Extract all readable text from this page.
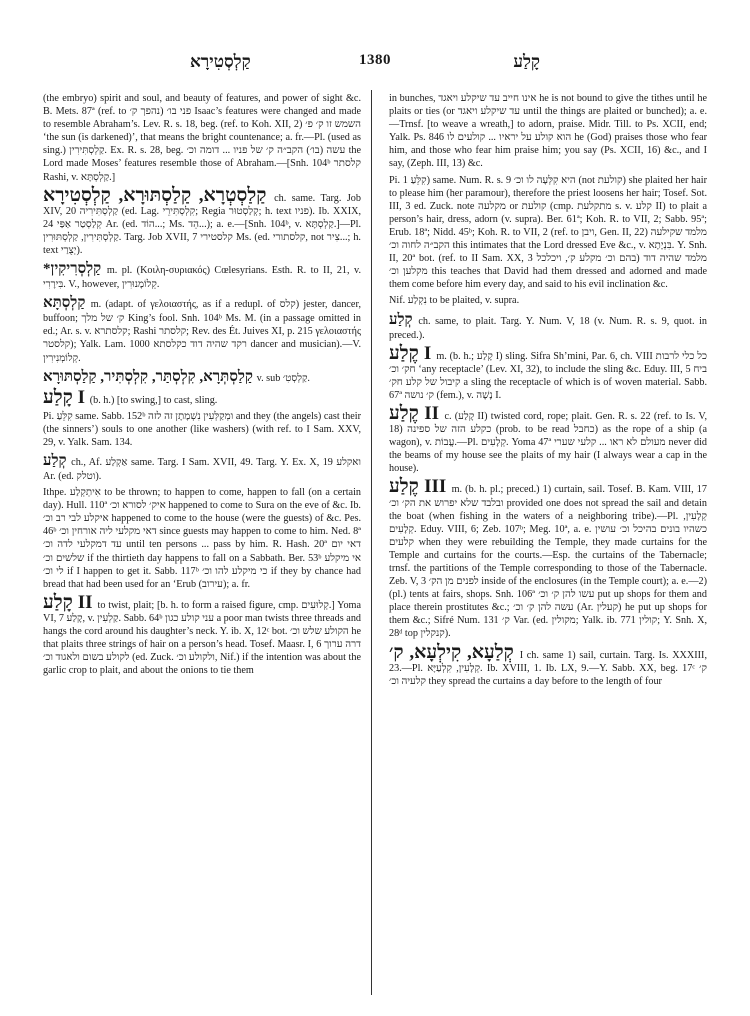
קַלְסְטִירָא	1380	קָלַע

(the embryo) spirit and soul, and beauty of features, and power of sight &c. B. Mets. 87ª (ref. to פני בו׳ (נהפך ק׳ Isaac’s features were changed and made to resemble Abraham’s. Lev. R. s. 18, beg. (ref. to Koh. XII, 2) השמש זו ק׳ פ׳ ‘the sun (is darkened)’, that means the bright countenance; a. fr.—Pl. (used as sing.) קַלְסְתִּירִין. Ex. R. s. 28, beg. עשה (בו׳) הקב״ה ק׳ של פניו ... דומה וכ׳ the Lord made Moses’ features resemble those of Abraham.—[Snh. 104ᵇ קלסתר Rashi, v. קַלְסְתָּא.]

קַלַסְטְרָא, קַלַסְתּוּרָא, קַלְסְטִירָא ch. same. Targ. Job XIV, 20 קַלְסְתִּירִיה (ed. Lag. קִלְסְתִּירֵי; Regia קְלַסְטוּר; h. text פניו). Ib. XXIX, 24 קְלַסְטַר אַפַּי Ar. (ed. הוֹד...; Ms. הֵד...); a. e.—[Snh. 104ᵇ, v. קַלְסְתָּא.]—Pl. קַלְסְתִּירִין, קַלְסְתּוּרִין. Targ. Job XVII, 7 קלסטירי Ms. (ed. קלסתורי, not צִיר...; h. text יְצֻרַי).

*קַלְסְרִיקִין m. pl. (Κοιλη-συριακός) Cœlesyrians. Esth. R. to II, 21, v. בִּירָרִי. V., however, קֵלוֹמָנוּרִין.

קַלְסְתָּא m. (adapt. of γελοιαστής, as if a redupl. of קלס) jester, dancer, buffoon; ק׳ של מלך King’s fool. Snh. 104ᵇ Ms. M. (in a passage omitted in ed.; Ar. s. v. קלסתרא; Rashi קלסתר; Rev. des Ét. Juives XI, p. 215 γελοιαστής קלסטר); Yalk. Lam. 1000 רקד שהיה דוד כקלסתא dancer and musician).—V. קְלוֹמְנִירִין.

קַלַסְתְּרָא, קִלְסְתַּר, קִלְסְתִּיר, קַלַסְתּוּרָא v. sub קַלְסְטִ׳.

קָלַע I (b. h.) [to swing,] to cast, sling.

Pi. קִלֵּעַ same. Sabb. 152ᵇ ומְקַלְּעִין נִשְׁמָתָן זה לזה and they (the angels) cast their (the sinners’) souls to one another (like washers) (with ref. to I Sam. XXV, 29, v. Yalk. Sam. 134.

קְלַע ch., Af. אַקְלַע same. Targ. I Sam. XVII, 49. Targ. Y. Ex. X, 19 ואקלע Ar. (ed. וטלק).

Ithpe. אִיתְקְלַע to be thrown; to happen to come, happen to fall (on a certain day). Hull. 110ª איק׳ לסורא וכ׳ happened to come to Sura on the eve of &c. Ib. איקלע לבי רב וכ׳ happened to come to the house (were the guests) of &c. Pes. 46ᵇ דאי מקלעי ליה אורחין וכ׳ since guests may happen to come to him. Ned. 8ª עד דמקלעי לדה וכ׳ until ten persons ... pass by him. R. Hash. 20ª דאי יום שלשים וכ׳ if the thirtieth day happens to fall on a Sabbath. Ber. 53ᵇ אי מיקלע לי וכ׳ if I happen to get it. Sabb. 117ᵇ כי מיקלע להו וכ׳ if they by chance had bread that had been used for an ‘Erub (עירוב); a. fr.

קָלַע II to twist, plait; [b. h. to form a raised figure, cmp. קְלוּעִים.] Yoma VI, 7 קָלַע, v. קַלְעִין. Sabb. 64ᵇ עני קולע כגון a poor man twists three threads and hangs the cord around his daughter’s neck. Y. ib. X, 12ᶜ bot. הקולע שלש וכ׳ he that plaits three strings of hair on a person’s head. Tosef. Maasr. I, 6 דרה ערוך לקולע בשום ולאגוד וכ׳ (ed. Zuck. ולקולע וכ׳, Nif.) if the intention was about the garlic crop to plait, and about the onions to tie them

in bunches, אינו חייב עד שיקלע ויאגד he is not bound to give the tithes until he plaits or ties (or עד שיקלע ויאגד until the things are plaited or bunched); a. e.—Trnsf. [to weave a wreath,] to adorn, praise. Midr. Till. to Ps. XCII, end; Yalk. Ps. 846 הוא קולע על יראיו ... קולעים לו he (God) praises those who fear him, and those who fear him praise him; you say (Ps. XCII, 16) &c., and I say, (Zeph. III, 13) &c.

Pi. קִלֵּעַ 1) same. Num. R. s. 9 היא קִלְּעָה לו וכ׳ (not קולעת) she plaited her hair to please him (her paramour), therefore the priest loosens her hair; Tosef. Sot. III, 3 ed. Zuck. note מקלעה or קולעת (cmp. מתקלעת s. v. קלע II) to plait a person’s hair, dress, adorn (v. supra). Ber. 61ª; Koh. R. to VII, 2; Sabb. 95ª; Erub. 18ª; Nidd. 45ᵇ; Koh. R. to VII, 2 (ref. to ויבן, Gen. II, 22) מלמד שקילעה הקב״ה לחוה וכ׳ this intimates that the Lord dressed Eve &c., v. בִּנְיָתָא. Y. Snh. II, 20ª bot. (ref. to II Sam. XX, 3 בהם וכ׳ מקלע ק׳, ויכלכל) מלמד שהיה דוד מקלען וכ׳ this teaches that David had them dressed and adorned and made them come before him every day, and said to his evil inclination &c.

Nif. נִקְלַע to be plaited, v. supra.

קְלַע ch. same, to plait. Targ. Y. Num. V, 18 (v. Num. R. s. 9, quot. in preced.).

קֶלַע I m. (b. h.; קָלַע I) sling. Sifra Sh’mini, Par. 6, ch. VIII כל כלי לרבות חק׳ וכ׳ ‘any receptacle’ (Lev. XI, 32), to include the sling &c. Eduy. III, 5 ביח קיבול של קלע חק׳ a sling the receptacle of which is of woven material. Sabb. 67ª ק׳ נושה (fem.), v. נָשָׁה I.

קֶלַע II c. (קָלַע II) twisted cord, rope; plait. Gen. R. s. 22 (ref. to Is. V, 18) כקלע הזה של ספינה (prob. to be read כחבל) as the rope of a ship (a wagon), v. עֲבוֹת.—Pl. קְלָעִים. Yoma 47ª מעולם לא ראו ... קלעי שערי never did the beams of my house see the plaits of my hair (I always wear a cap in the house).

קֶלַע III m. (b. h. pl.; preced.) 1) curtain, sail. Tosef. B. Kam. VIII, 17 ובלבד שלא יפרוש את הק׳ וכ׳ provided one does not spread the sail and detain the boat (when fishing in the waters of a neighboring tribe).—Pl. קְלָעִין, קְלָעִים. Eduy. VIII, 6; Zeb. 107ᵇ; Meg. 10ª, a. e. כשהיו בונים בהיכל וכ׳ עושין קלעים when they were rebuilding the Temple, they made curtains for the Temple and curtains for the courts.—Esp. the curtains of the Tabernacle; trnsf. the partitions of the Temple corresponding to those of the Tabernacle. Zeb. V, 3 לפנים מן הק׳ inside of the enclosures (in the Temple court); a. e.—2) (pl.) tents at fairs, shops. Snh. 106ª עשו להן ק׳ וכ׳ put up shops for them and place therein prostitutes &c.; עשה להן ק׳ וכ׳ (Ar. קעלין) he put up shops for them &c.; Sifré Num. 131 ק׳ Var. (ed. מקולין; Yalk. ib. 771 קולין; Y. Snh. X, 28ᵈ top קנקלין).

קְלַעָא, קִילְעָא, ק׳ I ch. same 1) sail, curtain. Targ. Is. XXXIII, 23.—Pl. קְלָעִין, קִלְעַיָּא. Ib. XVIII, 1. Ib. LX, 9.—Y. Sabb. XX, beg. 17ᶜ ק׳ קלעיה וכ׳ they spread the curtains a day before to the length of four
